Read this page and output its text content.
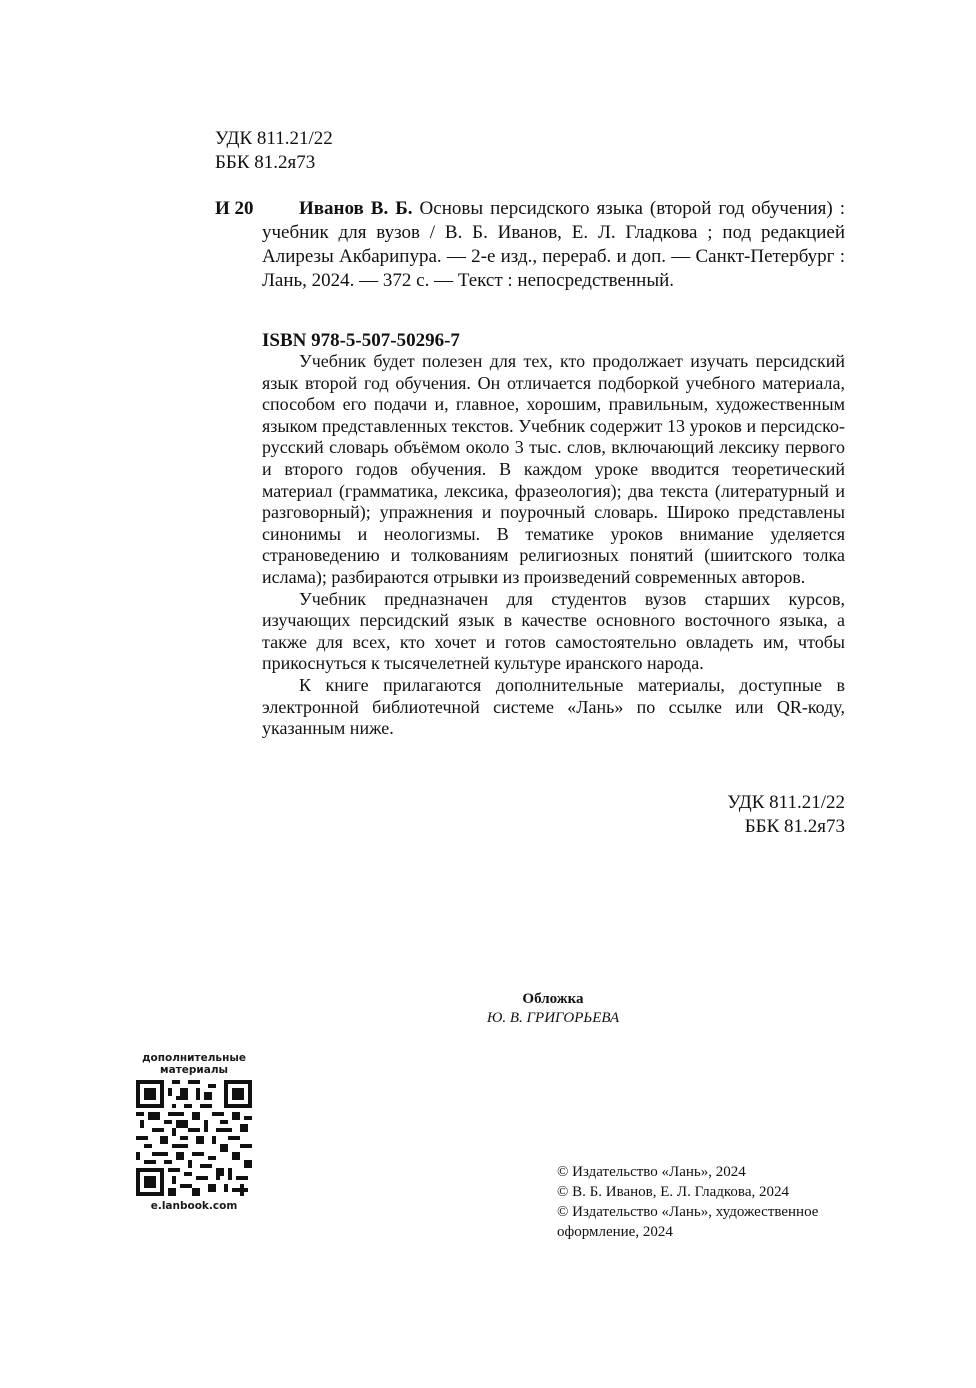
УДК 811.21/22
ББК 81.2я73
И 20	Иванов В. Б. Основы персидского языка (второй год обучения) : учебник для вузов / В. Б. Иванов, Е. Л. Гладкова ; под редакцией Алирезы Акбарипура. — 2-е изд., перераб. и доп. — Санкт-Петербург : Лань, 2024. — 372 с. — Текст : непосредственный.
ISBN 978-5-507-50296-7

Учебник будет полезен для тех, кто продолжает изучать персидский язык второй год обучения. Он отличается подборкой учебного материала, способом его подачи и, главное, хорошим, правильным, художественным языком представленных текстов. Учебник содержит 13 уроков и персидско-русский словарь объёмом около 3 тыс. слов, включающий лексику первого и второго годов обучения. В каждом уроке вводится теоретический материал (грамматика, лексика, фразеология); два текста (литературный и разговорный); упражнения и поурочный словарь. Широко представлены синонимы и неологизмы. В тематике уроков внимание уделяется страноведению и толкованиям религиозных понятий (шиитского толка ислама); разбираются отрывки из произведений современных авторов.

Учебник предназначен для студентов вузов старших курсов, изучающих персидский язык в качестве основного восточного языка, а также для всех, кто хочет и готов самостоятельно овладеть им, чтобы прикоснуться к тысячелетней культуре иранского народа.

К книге прилагаются дополнительные материалы, доступные в электронной библиотечной системе «Лань» по ссылке или QR-коду, указанным ниже.

УДК 811.21/22
ББК 81.2я73
Обложка
Ю. В. ГРИГОРЬЕВА
дополнительные
материалы
e.lanbook.com
© Издательство «Лань», 2024
© В. Б. Иванов, Е. Л. Гладкова, 2024
© Издательство «Лань», художественное оформление, 2024
